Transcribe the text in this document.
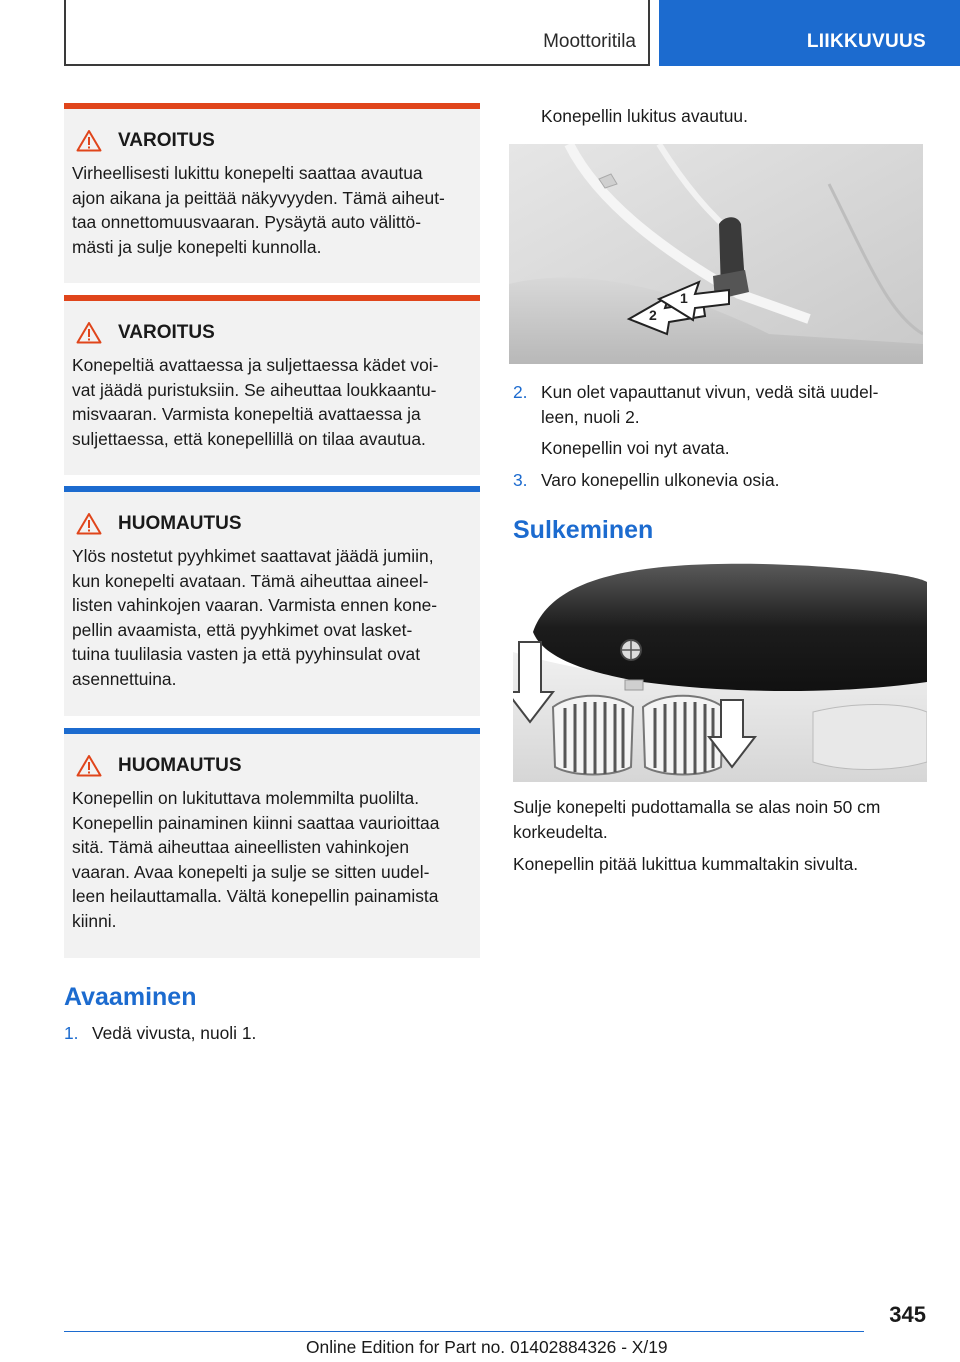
Moottoritila	LIIKKUVUUS
VAROITUS
Virheellisesti lukittu konepelti saattaa avautua
ajon aikana ja peittää näkyvyyden. Tämä aiheut-
taa onnettomuusvaaran. Pysäytä auto välittö-
mästi ja sulje konepelti kunnolla.
VAROITUS
Konepeltiä avattaessa ja suljettaessa kädet voi-
vat jäädä puristuksiin. Se aiheuttaa loukkaantu-
misvaaran. Varmista konepeltiä avattaessa ja
suljettaessa, että konepellillä on tilaa avautua.
HUOMAUTUS
Ylös nostetut pyyhkimet saattavat jäädä jumiin,
kun konepelti avataan. Tämä aiheuttaa aineel-
listen vahinkojen vaaran. Varmista ennen kone-
pellin avaamista, että pyyhkimet ovat lasket-
tuina tuulilasia vasten ja että pyyhinsulat ovat
asennettuina.
HUOMAUTUS
Konepellin on lukituttava molemmilta puolilta.
Konepellin painaminen kiinni saattaa vaurioittaa
sitä. Tämä aiheuttaa aineellisten vahinkojen
vaaran. Avaa konepelti ja sulje se sitten uudel-
leen heilauttamalla. Vältä konepellin painamista
kiinni.
Avaaminen
1. Vedä vivusta, nuoli 1.
Konepellin lukitus avautuu.
1
2
2. Kun olet vapauttanut vivun, vedä sitä uudel-
leen, nuoli 2.
Konepellin voi nyt avata.
3. Varo konepellin ulkonevia osia.
Sulkeminen
Sulje konepelti pudottamalla se alas noin 50 cm
korkeudelta.
Konepellin pitää lukittua kummaltakin sivulta.
345
Online Edition for Part no. 01402884326 - X/19
